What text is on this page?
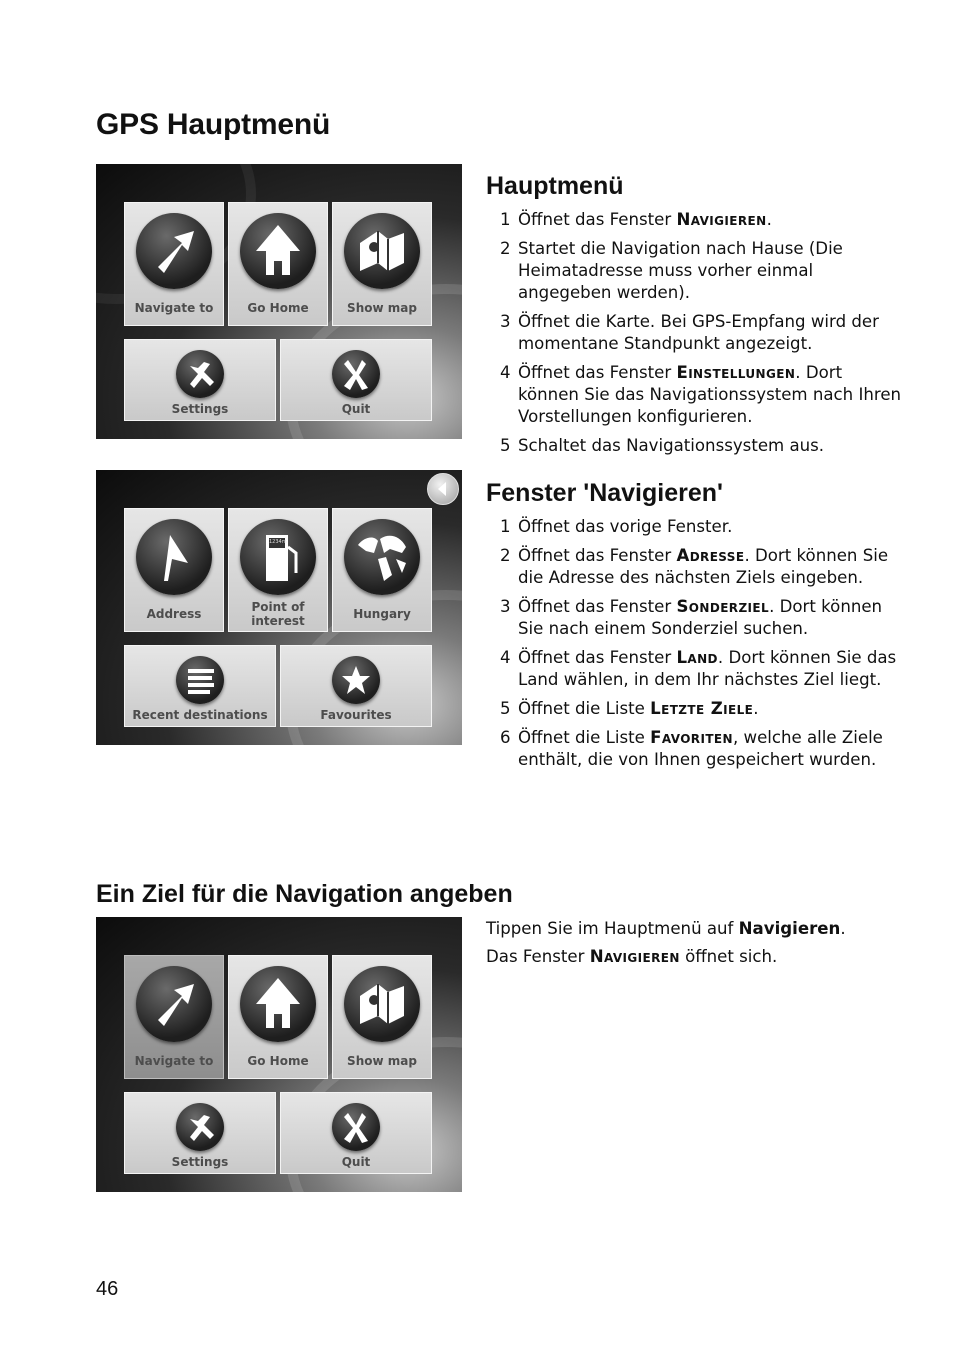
GPS Hauptmenü
Navigate to	Go Home	Show map
Settings	Quit
Hauptmenü
1 Öffnet das Fenster Navigieren.
2 Startet die Navigation nach Hause (Die Heimatadresse muss vorher einmal angegeben werden).
3 Öffnet die Karte. Bei GPS-Empfang wird der momentane Standpunkt angezeigt.
4 Öffnet das Fenster Einstellungen. Dort können Sie das Navigationssystem nach Ihren Vorstellungen konfigurieren.
5 Schaltet das Navigationssystem aus.
Address
1234m
Point of
interest	Hungary
Recent destinations	Favourites
Fenster 'Navigieren'
1 Öffnet das vorige Fenster.
2 Öffnet das Fenster Adresse. Dort können Sie die Adresse des nächsten Ziels eingeben.
3 Öffnet das Fenster Sonderziel. Dort können Sie nach einem Sonderziel suchen.
4 Öffnet das Fenster Land. Dort können Sie das Land wählen, in dem Ihr nächstes Ziel liegt.
5 Öffnet die Liste Letzte Ziele.
6 Öffnet die Liste Favoriten, welche alle Ziele enthält, die von Ihnen gespeichert wurden.
Ein Ziel für die Navigation angeben
Navigate to	Go Home	Show map
Settings	Quit

Tippen Sie im Hauptmenü auf Navigieren.

Das Fenster Navigieren öffnet sich.

46
